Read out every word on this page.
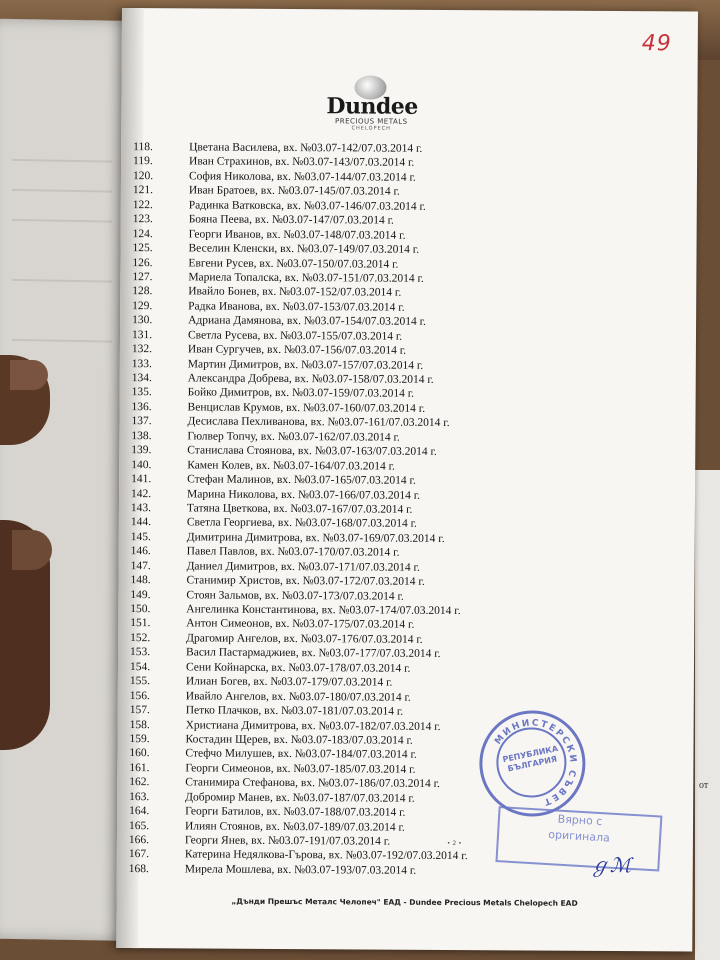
от
49
Dundee
PRECIOUS METALS
CHELOPECH
118.	Цветана Василева, вх. №03.07-142/07.03.2014 г.
119.	Иван Страхинов, вх. №03.07-143/07.03.2014 г.
120.	София Николова, вх. №03.07-144/07.03.2014 г.
121.	Иван Братоев, вх. №03.07-145/07.03.2014 г.
122.	Радинка Ватковска, вх. №03.07-146/07.03.2014 г.
123.	Бояна Пеева, вх. №03.07-147/07.03.2014 г.
124.	Георги Иванов, вх. №03.07-148/07.03.2014 г.
125.	Веселин Кленски, вх. №03.07-149/07.03.2014 г.
126.	Евгени Русев, вх. №03.07-150/07.03.2014 г.
127.	Мариела Топалска, вх. №03.07-151/07.03.2014 г.
128.	Ивайло Бонев, вх. №03.07-152/07.03.2014 г.
129.	Радка Иванова, вх. №03.07-153/07.03.2014 г.
130.	Адриана Дамянова, вх. №03.07-154/07.03.2014 г.
131.	Светла Русева, вх. №03.07-155/07.03.2014 г.
132.	Иван Сургучев, вх. №03.07-156/07.03.2014 г.
133.	Мартин Димитров, вх. №03.07-157/07.03.2014 г.
134.	Александра Добрева, вх. №03.07-158/07.03.2014 г.
135.	Бойко Димитров, вх. №03.07-159/07.03.2014 г.
136.	Венцислав Крумов, вх. №03.07-160/07.03.2014 г.
137.	Десислава Пехливанова, вх. №03.07-161/07.03.2014 г.
138.	Гюлвер Топчу, вх. №03.07-162/07.03.2014 г.
139.	Станислава Стоянова, вх. №03.07-163/07.03.2014 г.
140.	Камен Колев, вх. №03.07-164/07.03.2014 г.
141.	Стефан Малинов, вх. №03.07-165/07.03.2014 г.
142.	Марина Николова, вх. №03.07-166/07.03.2014 г.
143.	Татяна Цветкова, вх. №03.07-167/07.03.2014 г.
144.	Светла Георгиева, вх. №03.07-168/07.03.2014 г.
145.	Димитрина Димитрова, вх. №03.07-169/07.03.2014 г.
146.	Павел Павлов, вх. №03.07-170/07.03.2014 г.
147.	Даниел Димитров, вх. №03.07-171/07.03.2014 г.
148.	Станимир Христов, вх. №03.07-172/07.03.2014 г.
149.	Стоян Зальмов, вх. №03.07-173/07.03.2014 г.
150.	Ангелинка Константинова, вх. №03.07-174/07.03.2014 г.
151.	Антон Симеонов, вх. №03.07-175/07.03.2014 г.
152.	Драгомир Ангелов, вх. №03.07-176/07.03.2014 г.
153.	Васил Пастармаджиев, вх. №03.07-177/07.03.2014 г.
154.	Сени Койнарска, вх. №03.07-178/07.03.2014 г.
155.	Илиан Богев, вх. №03.07-179/07.03.2014 г.
156.	Ивайло Ангелов, вх. №03.07-180/07.03.2014 г.
157.	Петко Плачков, вх. №03.07-181/07.03.2014 г.
158.	Христиана Димитрова, вх. №03.07-182/07.03.2014 г.
159.	Костадин Щерев, вх. №03.07-183/07.03.2014 г.
160.	Стефчо Милушев, вх. №03.07-184/07.03.2014 г.
161.	Георги Симеонов, вх. №03.07-185/07.03.2014 г.
162.	Станимира Стефанова, вх. №03.07-186/07.03.2014 г.
163.	Добромир Манев, вх. №03.07-187/07.03.2014 г.
164.	Георги Батилов, вх. №03.07-188/07.03.2014 г.
165.	Илиян Стоянов, вх. №03.07-189/07.03.2014 г.
166.	Георги Янев, вх. №03.07-191/07.03.2014 г.
167.	Катерина Недялкова-Гърова, вх. №03.07-192/07.03.2014 г.
168.	Мирела Мошлева, вх. №03.07-193/07.03.2014 г.
• 2 •
МИНИСТЕРСКИ СЪВЕТ
РЕПУБЛИКА БЪЛГАРИЯ
Вярно с
оригинала
ℊℳ
„Дънди Прешъс Металс Челопеч" ЕАД - Dundee Precious Metals Chelopech EAD
